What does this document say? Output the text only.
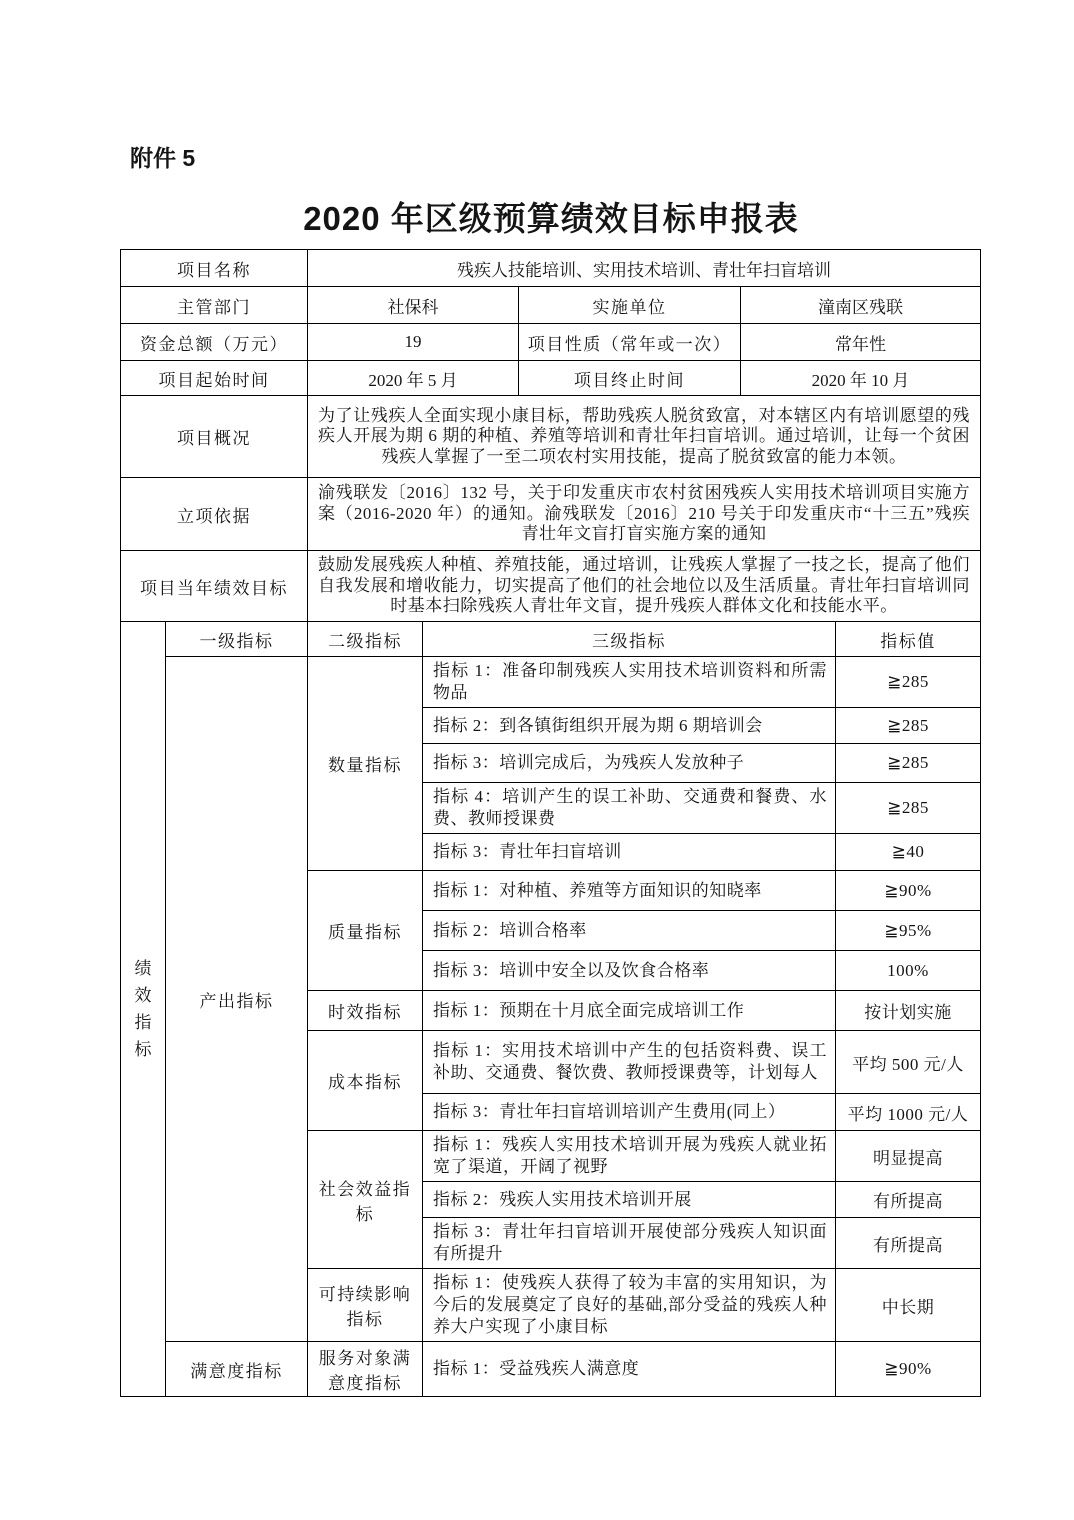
附件 5
2020 年区级预算绩效目标申报表
项目名称	残疾人技能培训、实用技术培训、青壮年扫盲培训		
主管部门	社保科	实施单位	潼南区残联
资金总额（万元）	19	项目性质（常年或一次）	常年性
项目起始时间	2020 年 5 月	项目终止时间	2020 年 10 月
项目概况	为了让残疾人全面实现小康目标，帮助残疾人脱贫致富，对本辖区内有培训愿望的残疾人开展为期 6 期的种植、养殖等培训和青壮年扫盲培训。通过培训，让每一个贫困残疾人掌握了一至二项农村实用技能，提高了脱贫致富的能力本领。		
立项依据	渝残联发〔2016〕132 号，关于印发重庆市农村贫困残疾人实用技术培训项目实施方案（2016-2020 年）的通知。渝残联发〔2016〕210 号关于印发重庆市“十三五”残疾青壮年文盲打盲实施方案的通知		
项目当年绩效目标	鼓励发展残疾人种植、养殖技能，通过培训，让残疾人掌握了一技之长，提高了他们自我发展和增收能力，切实提高了他们的社会地位以及生活质量。青壮年扫盲培训同时基本扫除残疾人青壮年文盲，提升残疾人群体文化和技能水平。		
绩效指标	一级指标	二级指标	三级指标	指标值
	产出指标	数量指标	指标 1：准备印制残疾人实用技术培训资料和所需物品	≧285
			指标 2：到各镇街组织开展为期 6 期培训会	≧285
			指标 3：培训完成后，为残疾人发放种子	≧285
			指标 4：培训产生的误工补助、交通费和餐费、水费、教师授课费	≧285
			指标 3：青壮年扫盲培训	≧40
		质量指标	指标 1：对种植、养殖等方面知识的知晓率	≧90%
			指标 2：培训合格率	≧95%
			指标 3：培训中安全以及饮食合格率	100%
		时效指标	指标 1：预期在十月底全面完成培训工作	按计划实施
		成本指标	指标 1：实用技术培训中产生的包括资料费、误工补助、交通费、餐饮费、教师授课费等，计划每人	平均 500 元/人
			指标 3：青壮年扫盲培训培训产生费用(同上）	平均 1000 元/人
		社会效益指标	指标 1：残疾人实用技术培训开展为残疾人就业拓宽了渠道，开阔了视野	明显提高
			指标 2：残疾人实用技术培训开展	有所提高
			指标 3：青壮年扫盲培训开展使部分残疾人知识面有所提升	有所提高
		可持续影响指标	指标 1：使残疾人获得了较为丰富的实用知识，为今后的发展奠定了良好的基础,部分受益的残疾人种养大户实现了小康目标	中长期
	满意度指标	服务对象满意度指标	指标 1：受益残疾人满意度	≧90%
